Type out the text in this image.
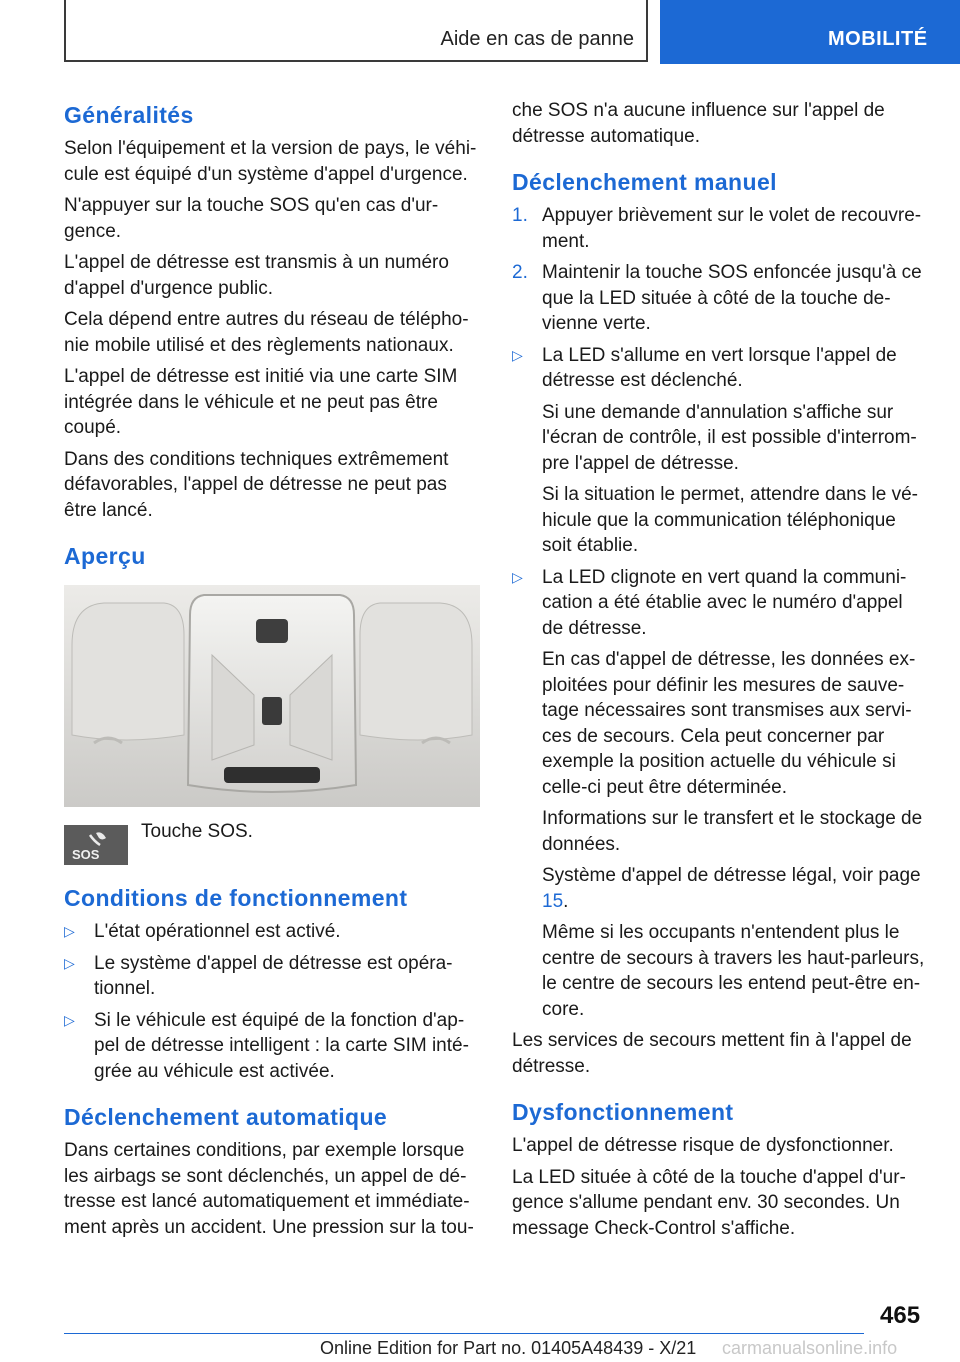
Aide en cas de panne	MOBILITÉ
Généralités

Selon l'équipement et la version de pays, le véhi-cule est équipé d'un système d'appel d'urgence.

N'appuyer sur la touche SOS qu'en cas d'ur-gence.

L'appel de détresse est transmis à un numéro d'appel d'urgence public.

Cela dépend entre autres du réseau de télépho-nie mobile utilisé et des règlements nationaux.

L'appel de détresse est initié via une carte SIM intégrée dans le véhicule et ne peut pas être coupé.

Dans des conditions techniques extrêmement défavorables, l'appel de détresse ne peut pas être lancé.

Aperçu
SOS
Touche SOS.
Conditions de fonctionnement
▷	L'état opérationnel est activé.
▷	Le système d'appel de détresse est opéra-tionnel.
▷	Si le véhicule est équipé de la fonction d'ap-pel de détresse intelligent : la carte SIM inté-grée au véhicule est activée.
Déclenchement automatique

Dans certaines conditions, par exemple lorsque les airbags se sont déclenchés, un appel de dé-tresse est lancé automatiquement et immédiate-ment après un accident. Une pression sur la tou-

che SOS n'a aucune influence sur l'appel de détresse automatique.

Déclenchement manuel
1. Appuyer brièvement sur le volet de recouvre-ment.
2. Maintenir la touche SOS enfoncée jusqu'à ce que la LED située à côté de la touche de-vienne verte.
▷	La LED s'allume en vert lorsque l'appel de détresse est déclenché.

Si une demande d'annulation s'affiche sur l'écran de contrôle, il est possible d'interrom-pre l'appel de détresse.

Si la situation le permet, attendre dans le vé-hicule que la communication téléphonique soit établie.

▷	La LED clignote en vert quand la communi-cation a été établie avec le numéro d'appel de détresse.

En cas d'appel de détresse, les données ex-ploitées pour définir les mesures de sauve-tage nécessaires sont transmises aux servi-ces de secours. Cela peut concerner par exemple la position actuelle du véhicule si celle-ci peut être déterminée.

Informations sur le transfert et le stockage de données.

Système d'appel de détresse légal, voir page 15.

Même si les occupants n'entendent plus le centre de secours à travers les haut-parleurs, le centre de secours les entend peut-être en-core.

Les services de secours mettent fin à l'appel de détresse.

Dysfonctionnement

L'appel de détresse risque de dysfonctionner.

La LED située à côté de la touche d'appel d'ur-gence s'allume pendant env. 30 secondes. Un message Check-Control s'affiche.

465
Online Edition for Part no. 01405A48439 - X/21 carmanualsonline.info
